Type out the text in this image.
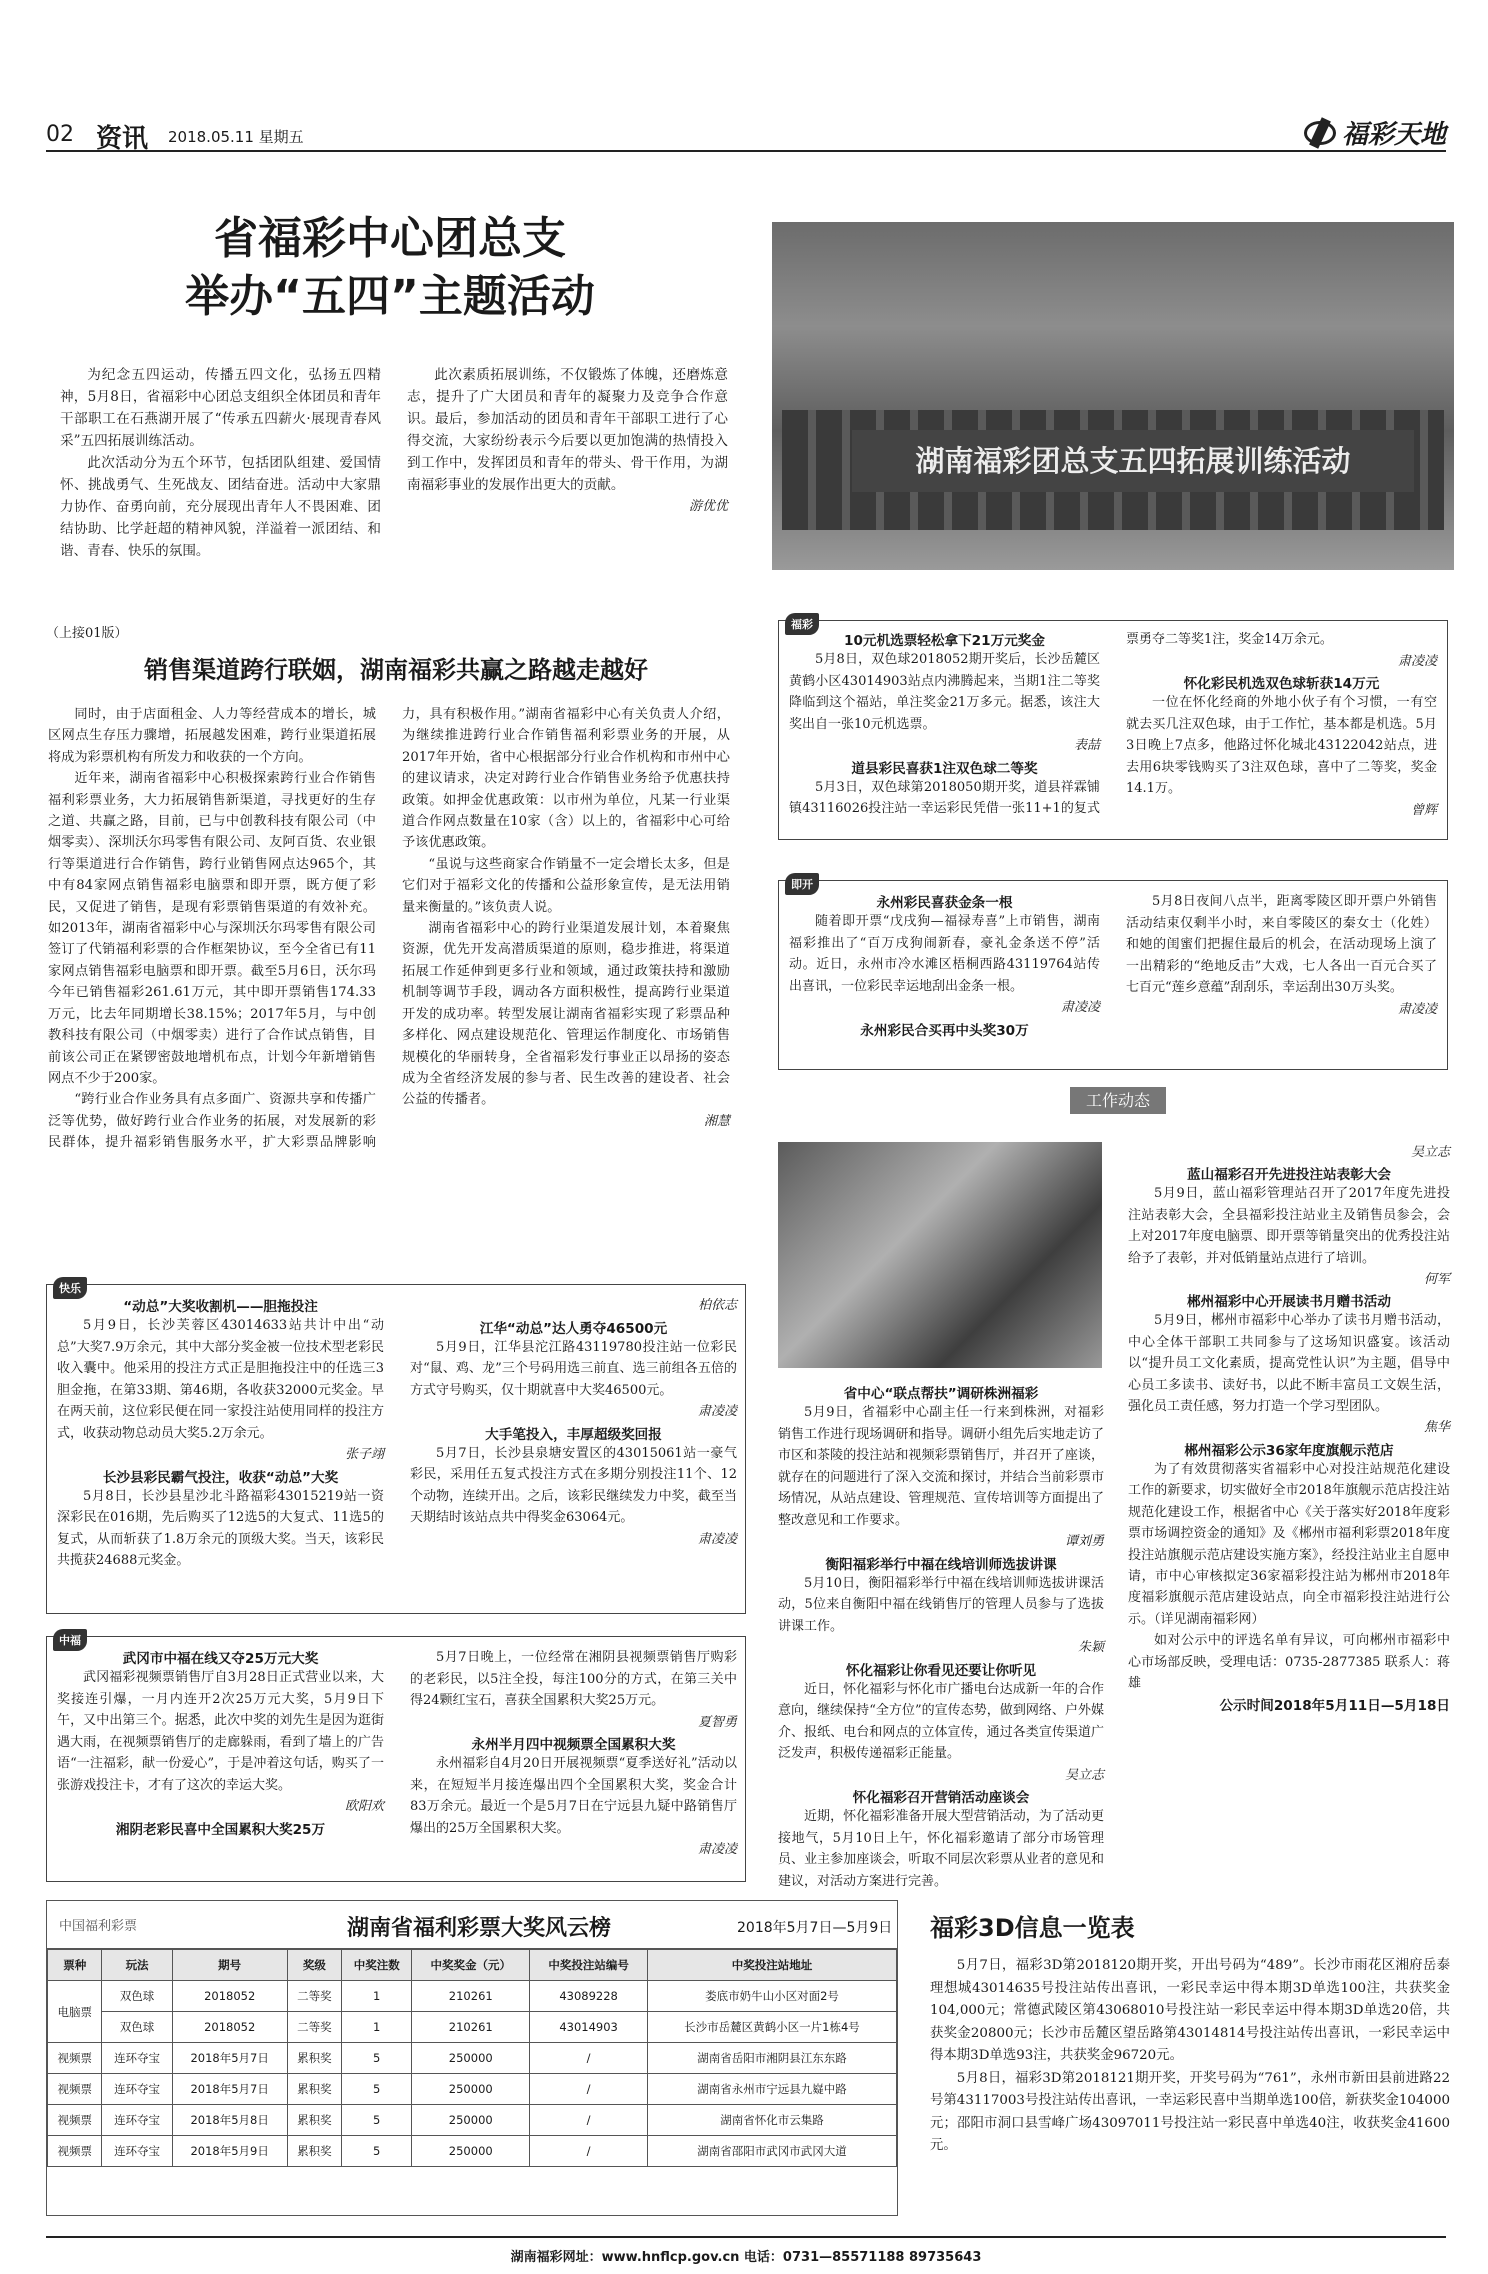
02 资讯 2018.05.11 星期五	福彩天地
省福彩中心团总支
举办“五四”主题活动

为纪念五四运动，传播五四文化，弘扬五四精神，5月8日，省福彩中心团总支组织全体团员和青年干部职工在石燕湖开展了“传承五四薪火·展现青春风采”五四拓展训练活动。

此次活动分为五个环节，包括团队组建、爱国情怀、挑战勇气、生死战友、团结奋进。活动中大家鼎力协作、奋勇向前，充分展现出青年人不畏困难、团结协助、比学赶超的精神风貌，洋溢着一派团结、和谐、青春、快乐的氛围。

此次素质拓展训练，不仅锻炼了体魄，还磨炼意志，提升了广大团员和青年的凝聚力及竞争合作意识。最后，参加活动的团员和青年干部职工进行了心得交流，大家纷纷表示今后要以更加饱满的热情投入到工作中，发挥团员和青年的带头、骨干作用，为湖南福彩事业的发展作出更大的贡献。

游优优
湖南福彩团总支五四拓展训练活动
（上接01版）
销售渠道跨行联姻，湖南福彩共赢之路越走越好

同时，由于店面租金、人力等经营成本的增长，城区网点生存压力骤增，拓展越发困难，跨行业渠道拓展将成为彩票机构有所发力和收获的一个方向。

近年来，湖南省福彩中心积极探索跨行业合作销售福利彩票业务，大力拓展销售新渠道，寻找更好的生存之道、共赢之路，目前，已与中创教科技有限公司（中烟零卖）、深圳沃尔玛零售有限公司、友阿百货、农业银行等渠道进行合作销售，跨行业销售网点达965个，其中有84家网点销售福彩电脑票和即开票，既方便了彩民，又促进了销售，是现有彩票销售渠道的有效补充。如2013年，湖南省福彩中心与深圳沃尔玛零售有限公司签订了代销福利彩票的合作框架协议，至今全省已有11家网点销售福彩电脑票和即开票。截至5月6日，沃尔玛今年已销售福彩261.61万元，其中即开票销售174.33万元，比去年同期增长38.15%；2017年5月，与中创教科技有限公司（中烟零卖）进行了合作试点销售，目前该公司正在紧锣密鼓地增机布点，计划今年新增销售网点不少于200家。

“跨行业合作业务具有点多面广、资源共享和传播广泛等优势，做好跨行业合作业务的拓展，对发展新的彩民群体，提升福彩销售服务水平，扩大彩票品牌影响力，具有积极作用。”湖南省福彩中心有关负责人介绍，为继续推进跨行业合作销售福利彩票业务的开展，从2017年开始，省中心根据部分行业合作机构和市州中心的建议请求，决定对跨行业合作销售业务给予优惠扶持政策。如押金优惠政策：以市州为单位，凡某一行业渠道合作网点数量在10家（含）以上的，省福彩中心可给予该优惠政策。

“虽说与这些商家合作销量不一定会增长太多，但是它们对于福彩文化的传播和公益形象宣传，是无法用销量来衡量的。”该负责人说。

湖南省福彩中心的跨行业渠道发展计划，本着聚焦资源，优先开发高潜质渠道的原则，稳步推进，将渠道拓展工作延伸到更多行业和领域，通过政策扶持和激励机制等调节手段，调动各方面积极性，提高跨行业渠道开发的成功率。转型发展让湖南省福彩实现了彩票品种多样化、网点建设规范化、管理运作制度化、市场销售规模化的华丽转身，全省福彩发行事业正以昂扬的姿态成为全省经济发展的参与者、民生改善的建设者、社会公益的传播者。

湘慧
福彩
10元机选票轻松拿下21万元奖金

5月8日，双色球2018052期开奖后，长沙岳麓区黄鹤小区43014903站点内沸腾起来，当期1注二等奖降临到这个福站，单注奖金21万多元。据悉，该注大奖出自一张10元机选票。

表喆
道县彩民喜获1注双色球二等奖

5月3日，双色球第2018050期开奖，道县祥霖铺镇43116026投注站一幸运彩民凭借一张11+1的复式票勇夺二等奖1注，奖金14万余元。

肃凌凌
怀化彩民机选双色球斩获14万元

一位在怀化经商的外地小伙子有个习惯，一有空就去买几注双色球，由于工作忙，基本都是机选。5月3日晚上7点多，他路过怀化城北43122042站点，进去用6块零钱购买了3注双色球，喜中了二等奖，奖金14.1万。

曾辉
即开
永州彩民喜获金条一根

随着即开票“戊戌狗—福禄寿喜”上市销售，湖南福彩推出了“百万戌狗闹新春，豪礼金条送不停”活动。近日，永州市冷水滩区梧桐西路43119764站传出喜讯，一位彩民幸运地刮出金条一根。

肃凌凌
永州彩民合买再中头奖30万

5月8日夜间八点半，距离零陵区即开票户外销售活动结束仅剩半小时，来自零陵区的秦女士（化姓）和她的闺蜜们把握住最后的机会，在活动现场上演了一出精彩的“绝地反击”大戏，七人各出一百元合买了七百元“莲乡意蕴”刮刮乐，幸运刮出30万头奖。

肃凌凌
工作动态
省中心“联点帮扶”调研株洲福彩

5月9日，省福彩中心副主任一行来到株洲，对福彩销售工作进行现场调研和指导。调研小组先后实地走访了市区和茶陵的投注站和视频彩票销售厅，并召开了座谈，就存在的问题进行了深入交流和探讨，并结合当前彩票市场情况，从站点建设、管理规范、宣传培训等方面提出了整改意见和工作要求。

谭刘勇
衡阳福彩举行中福在线培训师选拔讲课

5月10日，衡阳福彩举行中福在线培训师选拔讲课活动，5位来自衡阳中福在线销售厅的管理人员参与了选拔讲课工作。

朱颖
怀化福彩让你看见还要让你听见

近日，怀化福彩与怀化市广播电台达成新一年的合作意向，继续保持“全方位”的宣传态势，做到网络、户外媒介、报纸、电台和网点的立体宣传，通过各类宣传渠道广泛发声，积极传递福彩正能量。

吴立志
怀化福彩召开营销活动座谈会

近期，怀化福彩准备开展大型营销活动，为了活动更接地气，5月10日上午，怀化福彩邀请了部分市场管理员、业主参加座谈会，听取不同层次彩票从业者的意见和建议，对活动方案进行完善。

吴立志
蓝山福彩召开先进投注站表彰大会

5月9日，蓝山福彩管理站召开了2017年度先进投注站表彰大会，全县福彩投注站业主及销售员参会，会上对2017年度电脑票、即开票等销量突出的优秀投注站给予了表彰，并对低销量站点进行了培训。

何军
郴州福彩中心开展读书月赠书活动

5月9日，郴州市福彩中心举办了读书月赠书活动，中心全体干部职工共同参与了这场知识盛宴。该活动以“提升员工文化素质，提高党性认识”为主题，倡导中心员工多读书、读好书，以此不断丰富员工文娱生活，强化员工责任感，努力打造一个学习型团队。

焦华
郴州福彩公示36家年度旗舰示范店

为了有效贯彻落实省福彩中心对投注站规范化建设工作的新要求，切实做好全市2018年旗舰示范店投注站规范化建设工作，根据省中心《关于落实好2018年度彩票市场调控资金的通知》及《郴州市福利彩票2018年度投注站旗舰示范店建设实施方案》，经投注站业主自愿申请，市中心审核拟定36家福彩投注站为郴州市2018年度福彩旗舰示范店建设站点，向全市福彩投注站进行公示。（详见湖南福彩网）

如对公示中的评选名单有异议，可向郴州市福彩中心市场部反映，受理电话：0735-2877385 联系人：蒋雄

公示时间2018年5月11日—5月18日
快乐
“动总”大奖收割机——胆拖投注

5月9日，长沙芙蓉区43014633站共计中出“动总”大奖7.9万余元，其中大部分奖金被一位技术型老彩民收入囊中。他采用的投注方式正是胆拖投注中的任选三3胆金拖，在第33期、第46期，各收获32000元奖金。早在两天前，这位彩民便在同一家投注站使用同样的投注方式，收获动物总动员大奖5.2万余元。

张子翊
长沙县彩民霸气投注，收获“动总”大奖

5月8日，长沙县星沙北斗路福彩43015219站一资深彩民在016期，先后购买了12选5的大复式、11选5的复式，从而斩获了1.8万余元的顶级大奖。当天，该彩民共揽获24688元奖金。

柏依志
江华“动总”达人勇夺46500元

5月9日，江华县沱江路43119780投注站一位彩民对“鼠、鸡、龙”三个号码用选三前直、选三前组各五倍的方式守号购买，仅十期就喜中大奖46500元。

肃凌凌
大手笔投入，丰厚超级奖回报

5月7日，长沙县泉塘安置区的43015061站一豪气彩民，采用任五复式投注方式在多期分别投注11个、12个动物，连续开出。之后，该彩民继续发力中奖，截至当天期结时该站点共中得奖金63064元。

肃凌凌
中福
武冈市中福在线又夺25万元大奖

武冈福彩视频票销售厅自3月28日正式营业以来，大奖接连引爆，一月内连开2次25万元大奖，5月9日下午，又中出第三个。据悉，此次中奖的刘先生是因为逛街遇大雨，在视频票销售厅的走廊躲雨，看到了墙上的广告语“一注福彩，献一份爱心”，于是冲着这句话，购买了一张游戏投注卡，才有了这次的幸运大奖。

欧阳欢
湘阴老彩民喜中全国累积大奖25万

5月7日晚上，一位经常在湘阴县视频票销售厅购彩的老彩民，以5注全投，每注100分的方式，在第三关中得24颗红宝石，喜获全国累积大奖25万元。

夏智勇
永州半月四中视频票全国累积大奖

永州福彩自4月20日开展视频票“夏季送好礼”活动以来，在短短半月接连爆出四个全国累积大奖，奖金合计83万余元。最近一个是5月7日在宁远县九疑中路销售厅爆出的25万全国累积大奖。

肃凌凌
中国福利彩票	湖南省福利彩票大奖风云榜	2018年5月7日—5月9日
票种	玩法	期号	奖级	中奖注数	中奖奖金（元）	中奖投注站编号	中奖投注站地址
电脑票	双色球	2018052	二等奖	1	210261	43089228	娄底市奶牛山小区对面2号
	双色球	2018052	二等奖	1	210261	43014903	长沙市岳麓区黄鹤小区一片1栋4号
视频票	连环夺宝	2018年5月7日	累积奖	5	250000	/	湖南省岳阳市湘阴县江东东路
视频票	连环夺宝	2018年5月7日	累积奖	5	250000	/	湖南省永州市宁远县九嶷中路
视频票	连环夺宝	2018年5月8日	累积奖	5	250000	/	湖南省怀化市云集路
视频票	连环夺宝	2018年5月9日	累积奖	5	250000	/	湖南省邵阳市武冈市武冈大道
福彩3D信息一览表

5月7日，福彩3D第2018120期开奖，开出号码为“489”。长沙市雨花区湘府岳泰理想城43014635号投注站传出喜讯，一彩民幸运中得本期3D单选100注，共获奖金104,000元；常德武陵区第43068010号投注站一彩民幸运中得本期3D单选20倍，共获奖金20800元；长沙市岳麓区望岳路第43014814号投注站传出喜讯，一彩民幸运中得本期3D单选93注，共获奖金96720元。

5月8日，福彩3D第2018121期开奖，开奖号码为“761”，永州市新田县前进路22号第43117003号投注站传出喜讯，一幸运彩民喜中当期单选100倍，新获奖金104000元；邵阳市洞口县雪峰广场43097011号投注站一彩民喜中单选40注，收获奖金41600元。

湖南福彩网址：www.hnflcp.gov.cn 电话：0731—85571188 89735643
